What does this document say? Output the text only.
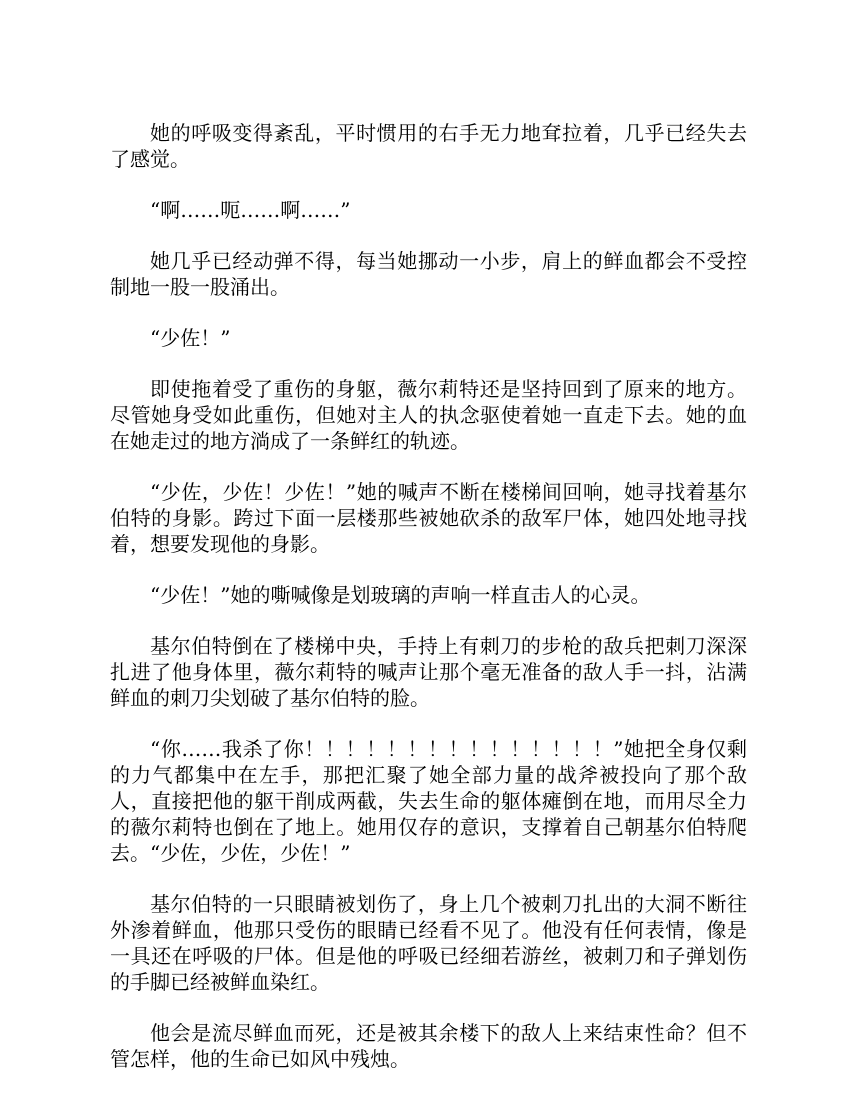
她的呼吸变得紊乱，平时惯用的右手无力地耷拉着，几乎已经失去了感觉。

“啊……呃……啊……”

她几乎已经动弹不得，每当她挪动一小步，肩上的鲜血都会不受控制地一股一股涌出。

“少佐！”

即使拖着受了重伤的身躯，薇尔莉特还是坚持回到了原来的地方。尽管她身受如此重伤，但她对主人的执念驱使着她一直走下去。她的血在她走过的地方淌成了一条鲜红的轨迹。

“少佐，少佐！少佐！”她的喊声不断在楼梯间回响，她寻找着基尔伯特的身影。跨过下面一层楼那些被她砍杀的敌军尸体，她四处地寻找着，想要发现他的身影。

“少佐！”她的嘶喊像是划玻璃的声响一样直击人的心灵。

基尔伯特倒在了楼梯中央，手持上有刺刀的步枪的敌兵把刺刀深深扎进了他身体里，薇尔莉特的喊声让那个毫无准备的敌人手一抖，沾满鲜血的刺刀尖划破了基尔伯特的脸。

“你……我杀了你！！！！！！！！！！！！！！！”她把全身仅剩的力气都集中在左手，那把汇聚了她全部力量的战斧被投向了那个敌人，直接把他的躯干削成两截，失去生命的躯体瘫倒在地，而用尽全力的薇尔莉特也倒在了地上。她用仅存的意识，支撑着自己朝基尔伯特爬去。“少佐，少佐，少佐！”

基尔伯特的一只眼睛被划伤了，身上几个被刺刀扎出的大洞不断往外渗着鲜血，他那只受伤的眼睛已经看不见了。他没有任何表情，像是一具还在呼吸的尸体。但是他的呼吸已经细若游丝，被刺刀和子弹划伤的手脚已经被鲜血染红。

他会是流尽鲜血而死，还是被其余楼下的敌人上来结束性命？但不管怎样，他的生命已如风中残烛。
